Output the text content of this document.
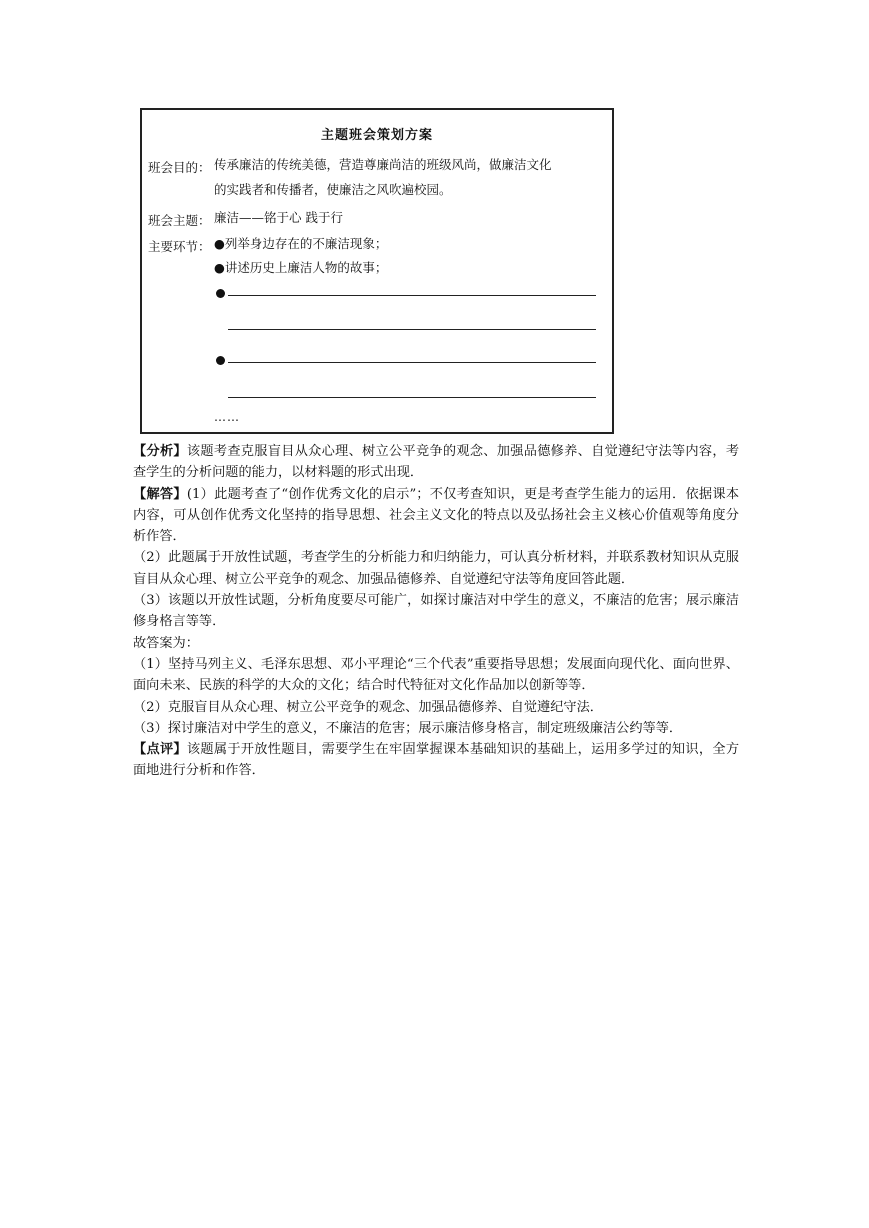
主题班会策划方案
班会目的： 传承廉洁的传统美德，营造尊廉尚洁的班级风尚，做廉洁文化
的实践者和传播者，使廉洁之风吹遍校园。
班会主题： 廉洁——铭于心 践于行
主要环节： ●列举身边存在的不廉洁现象；
●讲述历史上廉洁人物的故事；
……

【分析】该题考查克服盲目从众心理、树立公平竞争的观念、加强品德修养、自觉遵纪守法等内容，考查学生的分析问题的能力，以材料题的形式出现．

【解答】(1）此题考查了“创作优秀文化的启示”；不仅考查知识，更是考查学生能力的运用．依据课本内容，可从创作优秀文化坚持的指导思想、社会主义文化的特点以及弘扬社会主义核心价值观等角度分析作答．

（2）此题属于开放性试题，考查学生的分析能力和归纳能力，可认真分析材料，并联系教材知识从克服盲目从众心理、树立公平竞争的观念、加强品德修养、自觉遵纪守法等角度回答此题．

（3）该题以开放性试题，分析角度要尽可能广，如探讨廉洁对中学生的意义，不廉洁的危害；展示廉洁修身格言等等．

故答案为：

（1）坚持马列主义、毛泽东思想、邓小平理论“三个代表”重要指导思想；发展面向现代化、面向世界、面向未来、民族的科学的大众的文化；结合时代特征对文化作品加以创新等等．

（2）克服盲目从众心理、树立公平竞争的观念、加强品德修养、自觉遵纪守法．

（3）探讨廉洁对中学生的意义，不廉洁的危害；展示廉洁修身格言，制定班级廉洁公约等等．

【点评】该题属于开放性题目，需要学生在牢固掌握课本基础知识的基础上，运用多学过的知识，全方面地进行分析和作答．
